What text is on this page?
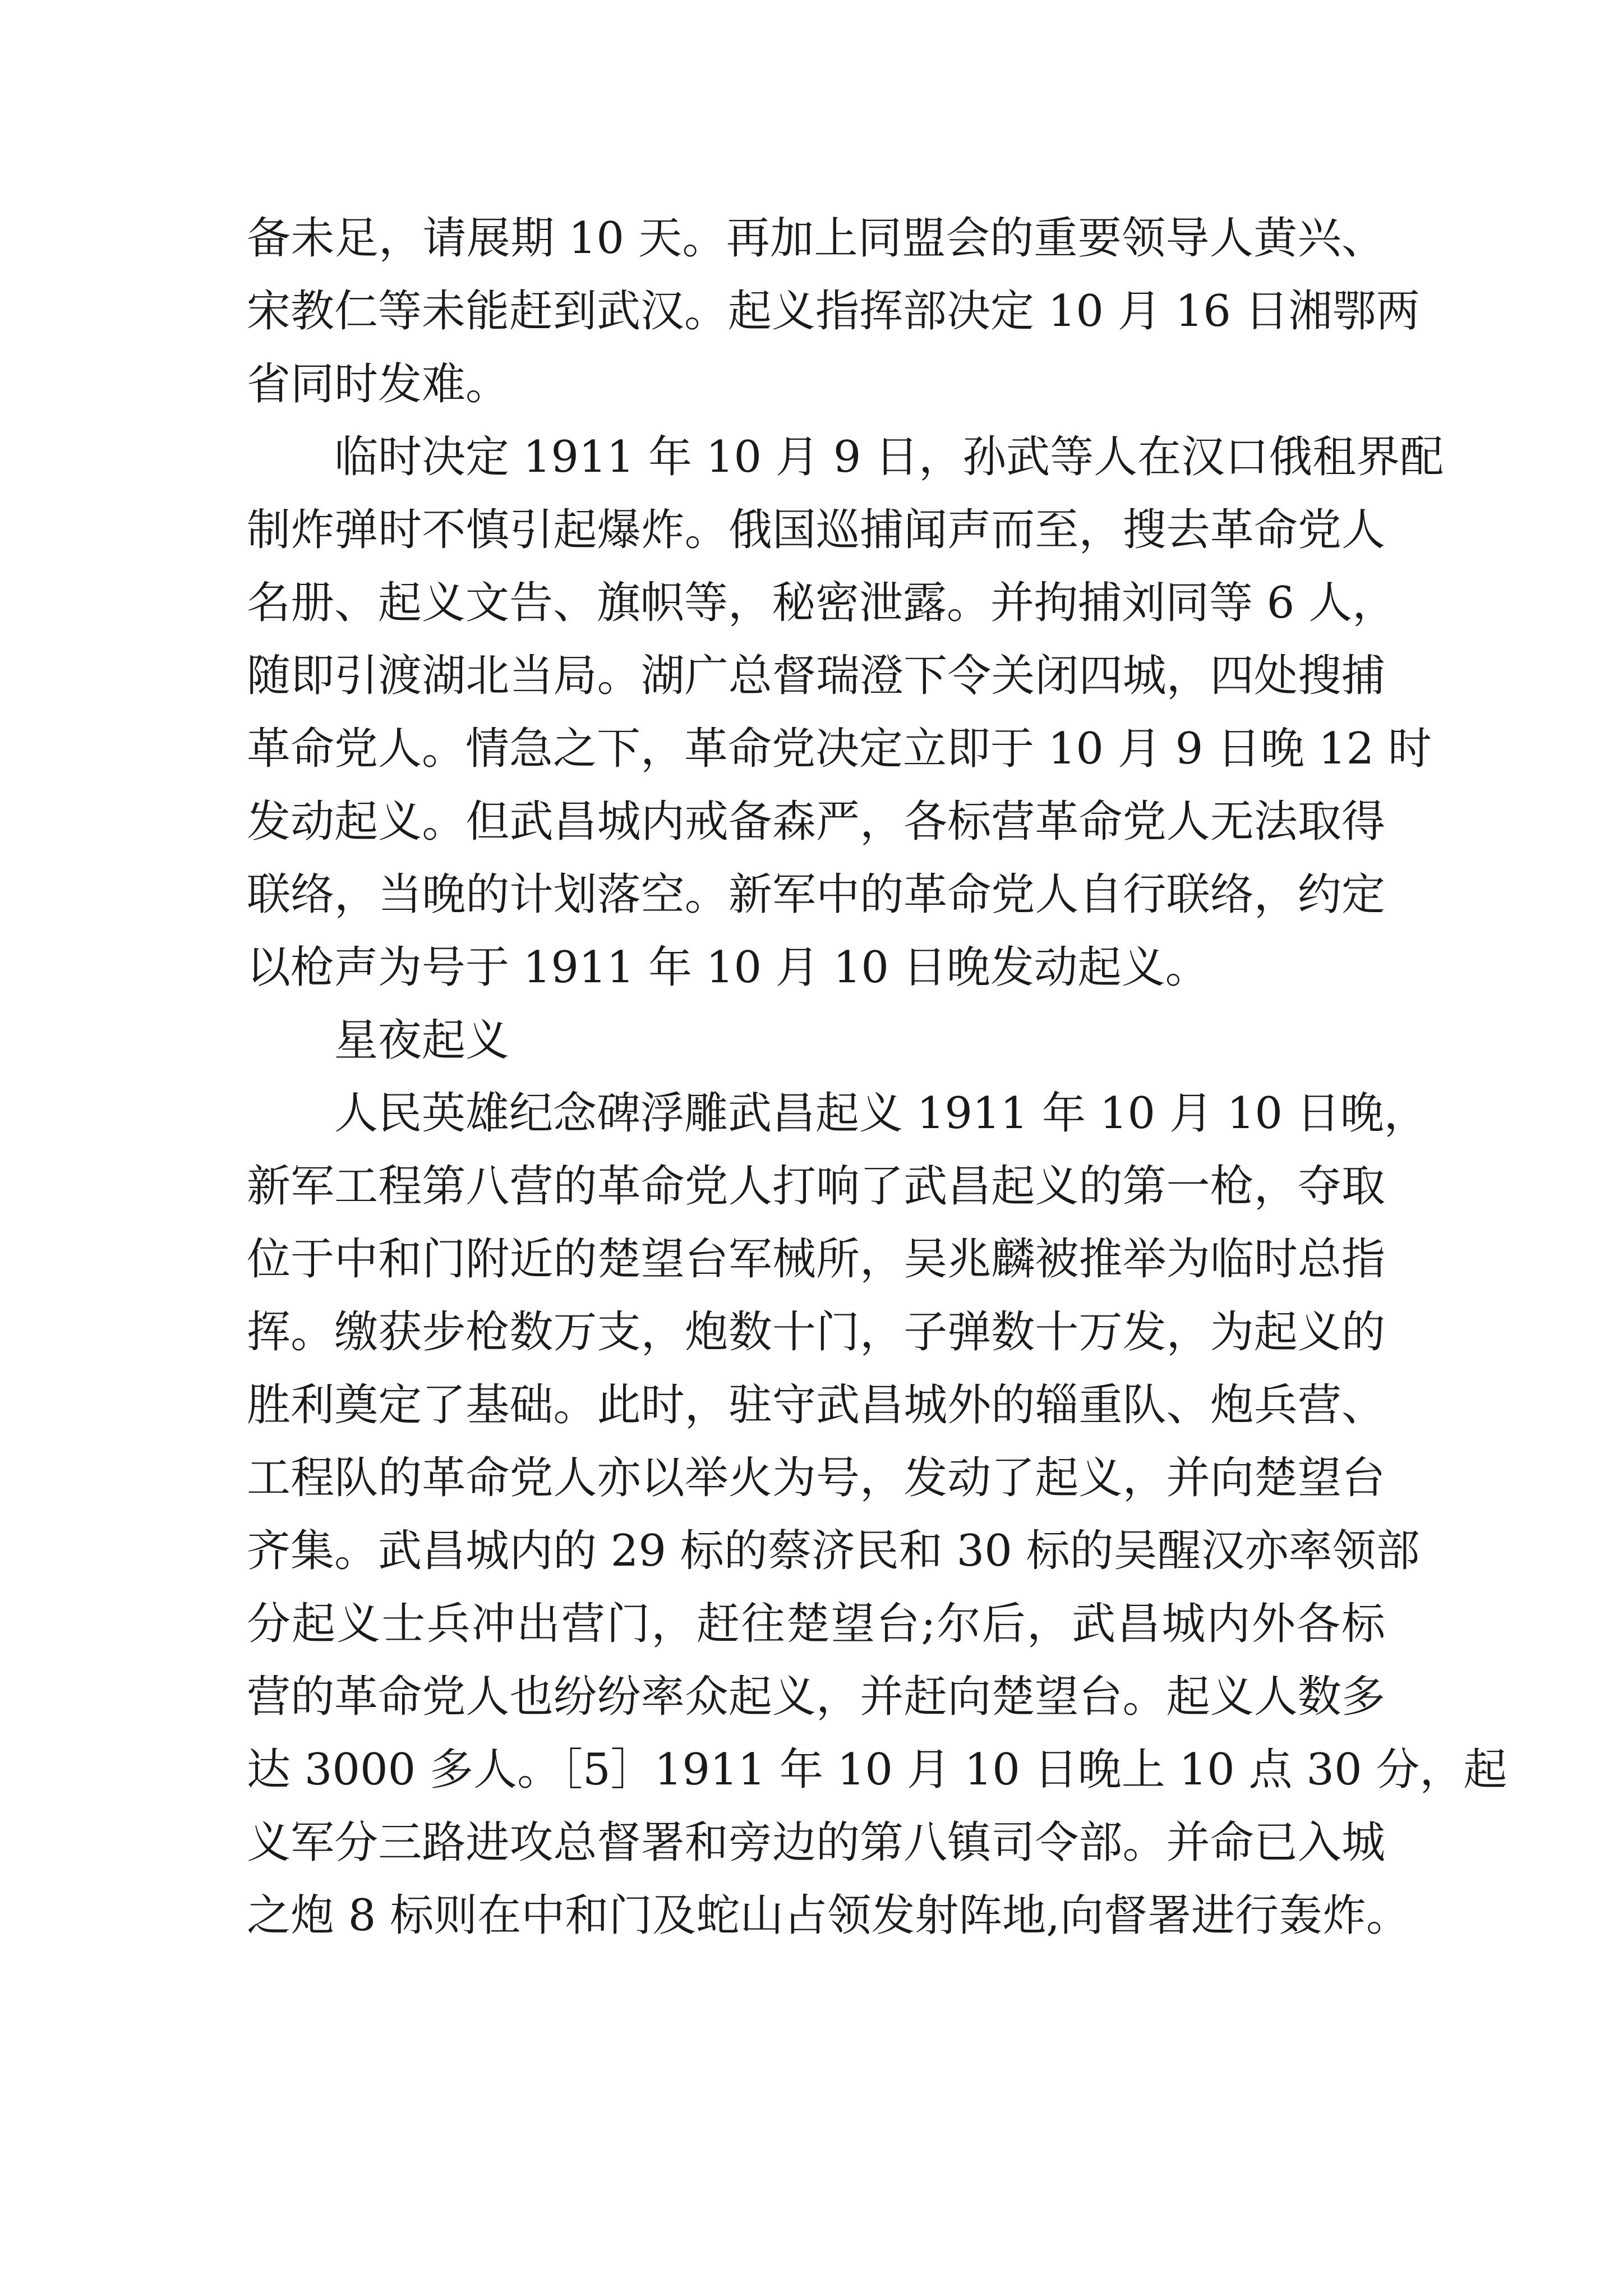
备未足，请展期 10 天。再加上同盟会的重要领导人黄兴、
宋教仁等未能赶到武汉。起义指挥部决定 10 月 16 日湘鄂两
省同时发难。
临时决定 1911 年 10 月 9 日，孙武等人在汉口俄租界配
制炸弹时不慎引起爆炸。俄国巡捕闻声而至，搜去革命党人
名册、起义文告、旗帜等，秘密泄露。并拘捕刘同等 6 人，
随即引渡湖北当局。湖广总督瑞澄下令关闭四城，四处搜捕
革命党人。情急之下，革命党决定立即于 10 月 9 日晚 12 时
发动起义。但武昌城内戒备森严，各标营革命党人无法取得
联络，当晚的计划落空。新军中的革命党人自行联络，约定
以枪声为号于 1911 年 10 月 10 日晚发动起义。
星夜起义
人民英雄纪念碑浮雕武昌起义 1911 年 10 月 10 日晚，
新军工程第八营的革命党人打响了武昌起义的第一枪，夺取
位于中和门附近的楚望台军械所，吴兆麟被推举为临时总指
挥。缴获步枪数万支，炮数十门，子弹数十万发，为起义的
胜利奠定了基础。此时，驻守武昌城外的辎重队、炮兵营、
工程队的革命党人亦以举火为号，发动了起义，并向楚望台
齐集。武昌城内的 29 标的蔡济民和 30 标的吴醒汉亦率领部
分起义士兵冲出营门，赶往楚望台;尔后，武昌城内外各标
营的革命党人也纷纷率众起义，并赶向楚望台。起义人数多
达 3000 多人。［5］1911 年 10 月 10 日晚上 10 点 30 分，起
义军分三路进攻总督署和旁边的第八镇司令部。并命已入城
之炮 8 标则在中和门及蛇山占领发射阵地,向督署进行轰炸。
